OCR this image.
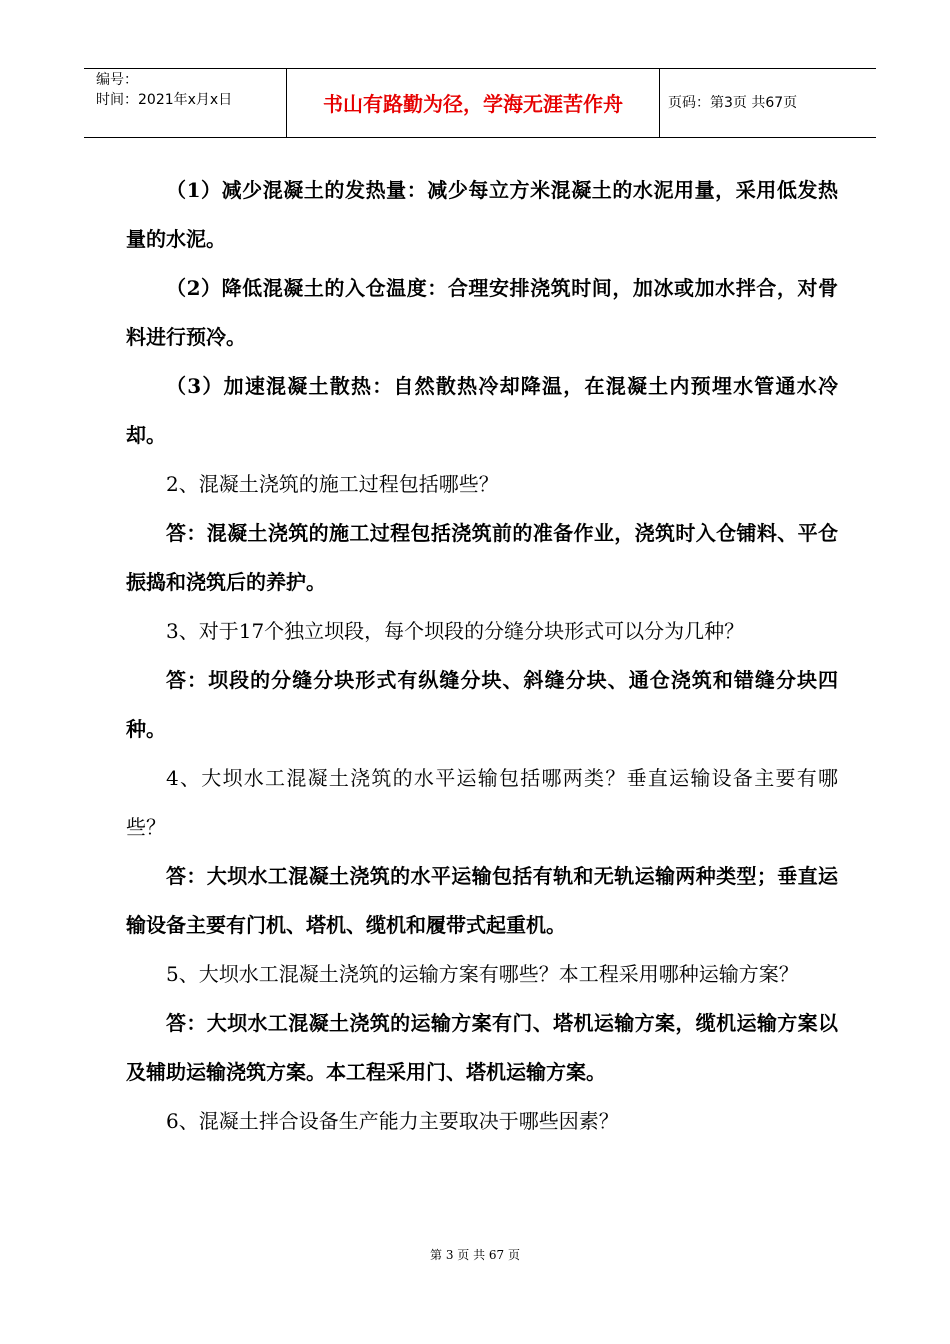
编号：
时间：2021年x月x日	书山有路勤为径，学海无涯苦作舟	页码：第3页 共67页

（1）减少混凝土的发热量：减少每立方米混凝土的水泥用量，采用低发热量的水泥。

（2）降低混凝土的入仓温度：合理安排浇筑时间，加冰或加水拌合，对骨料进行预冷。

（3）加速混凝土散热：自然散热冷却降温，在混凝土内预埋水管通水冷却。

2、混凝土浇筑的施工过程包括哪些？

答：混凝土浇筑的施工过程包括浇筑前的准备作业，浇筑时入仓铺料、平仓振捣和浇筑后的养护。

3、对于17个独立坝段，每个坝段的分缝分块形式可以分为几种？

答：坝段的分缝分块形式有纵缝分块、斜缝分块、通仓浇筑和错缝分块四种。

4、大坝水工混凝土浇筑的水平运输包括哪两类？垂直运输设备主要有哪些？

答：大坝水工混凝土浇筑的水平运输包括有轨和无轨运输两种类型；垂直运输设备主要有门机、塔机、缆机和履带式起重机。

5、大坝水工混凝土浇筑的运输方案有哪些？本工程采用哪种运输方案？

答：大坝水工混凝土浇筑的运输方案有门、塔机运输方案，缆机运输方案以及辅助运输浇筑方案。本工程采用门、塔机运输方案。

6、混凝土拌合设备生产能力主要取决于哪些因素？

第 3 页 共 67 页
